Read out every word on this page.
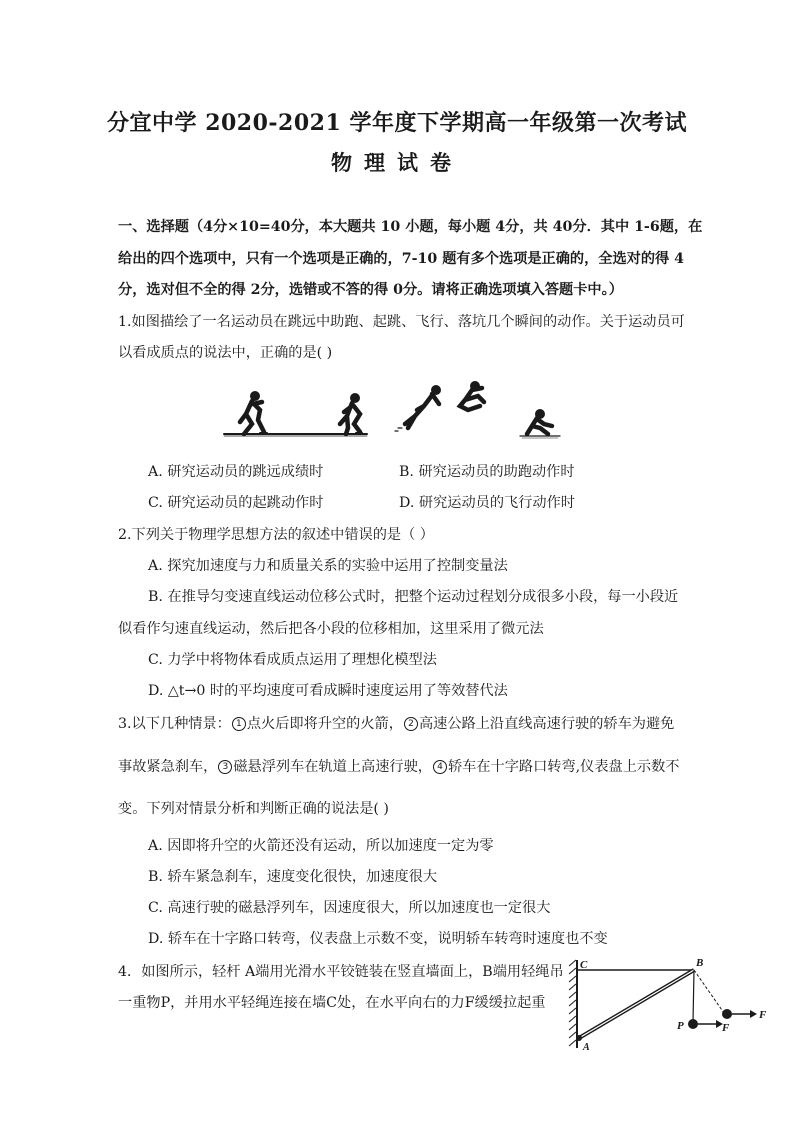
分宜中学 2020-2021 学年度下学期高一年级第一次考试
物理试卷
一、选择题（4分×10=40分，本大题共 10 小题，每小题 4分，共 40分．其中 1-6题，在
给出的四个选项中，只有一个选项是正确的，7-10 题有多个选项是正确的，全选对的得 4
分，选对但不全的得 2分，选错或不答的得 0分。请将正确选项填入答题卡中。）
1.如图描绘了一名运动员在跳远中助跑、起跳、飞行、落坑几个瞬间的动作。关于运动员可
以看成质点的说法中，正确的是( )
A. 研究运动员的跳远成绩时	B. 研究运动员的助跑动作时
C. 研究运动员的起跳动作时	D. 研究运动员的飞行动作时
2.下列关于物理学思想方法的叙述中错误的是（ ）
A. 探究加速度与力和质量关系的实验中运用了控制变量法
B. 在推导匀变速直线运动位移公式时，把整个运动过程划分成很多小段，每一小段近
似看作匀速直线运动，然后把各小段的位移相加，这里采用了微元法
C. 力学中将物体看成质点运用了理想化模型法
D. △t→0 时的平均速度可看成瞬时速度运用了等效替代法
3.以下几种情景： 1 点火后即将升空的火箭， 2 高速公路上沿直线高速行驶的轿车为避免
事故紧急刹车， 3 磁悬浮列车在轨道上高速行驶， 4 轿车在十字路口转弯,仪表盘上示数不
变。下列对情景分析和判断正确的说法是( )
A. 因即将升空的火箭还没有运动，所以加速度一定为零
B. 轿车紧急刹车，速度变化很快，加速度很大
C. 高速行驶的磁悬浮列车，因速度很大，所以加速度也一定很大
D. 轿车在十字路口转弯，仪表盘上示数不变，说明轿车转弯时速度也不变
4．如图所示，轻杆 A端用光滑水平铰链装在竖直墙面上，B端用轻绳吊
一重物P，并用水平轻绳连接在墙C处，在水平向右的力F缓缓拉起重
C	B
A
P	F
F
